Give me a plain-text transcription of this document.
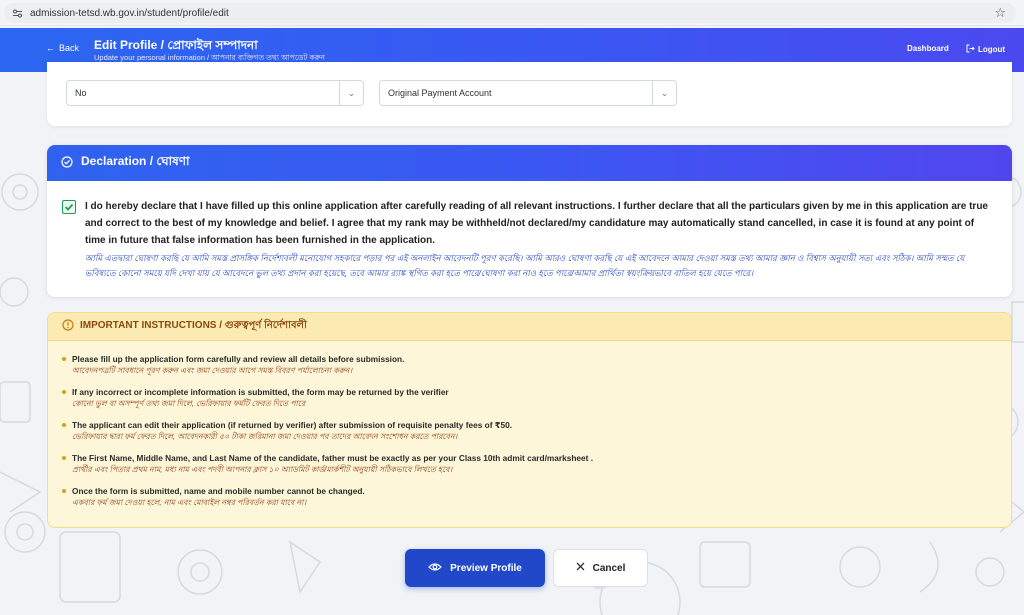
admission-tetsd.wb.gov.in/student/profile/edit	☆
← Back Edit Profile / প্রোফাইল সম্পাদনা
Update your personal information / আপনার ব্যক্তিগত তথ্য আপডেট করুন
Dashboard	Logout
No	⌄	Original Payment Account	⌄
Declaration / ঘোষণা
I do hereby declare that I have filled up this online application after carefully reading of all relevant instructions. I further declare that all the particulars given by me in this application are true and correct to the best of my knowledge and belief. I agree that my rank may be withheld/not declared/my candidature may automatically stand cancelled, in case it is found at any point of time in future that false information has been furnished in the application.
আমি এতদ্বারা ঘোষণা করছি যে আমি সমস্ত প্রাসঙ্গিক নির্দেশাবলী মনোযোগ সহকারে পড়ার পর এই অনলাইন আবেদনটি পূরণ করেছি। আমি আরও ঘোষণা করছি যে এই আবেদনে আমার দেওয়া সমস্ত তথ্য আমার জ্ঞান ও বিশ্বাস অনুযায়ী সত্য এবং সঠিক। আমি সম্মত যে ভবিষ্যতে কোনো সময়ে যদি দেখা যায় যে আবেদনে ভুল তথ্য প্রদান করা হয়েছে, তবে আমার র‍্যাঙ্ক স্থগিত করা হতে পারে/ঘোষণা করা নাও হতে পারে/আমার প্রার্থিতা স্বয়ংক্রিয়ভাবে বাতিল হয়ে যেতে পারে।
IMPORTANT INSTRUCTIONS / গুরুত্বপূর্ণ নির্দেশাবলী
Please fill up the application form carefully and review all details before submission.
আবেদনপত্রটি সাবধানে পূরণ করুন এবং জমা দেওয়ার আগে সমস্ত বিবরণ পর্যালোচনা করুন।
If any incorrect or incomplete information is submitted, the form may be returned by the verifier
কোনো ভুল বা অসম্পূর্ণ তথ্য জমা দিলে, ভেরিফায়ার ফর্মটি ফেরত দিতে পারে
The applicant can edit their application (if returned by verifier) after submission of requisite penalty fees of ₹50.
ভেরিফায়ার দ্বারা ফর্ম ফেরত দিলে, আবেদনকারী ৫০ টাকা জরিমানা জমা দেওয়ার পর তাদের আবেদন সংশোধন করতে পারবেন।
The First Name, Middle Name, and Last Name of the candidate, father must be exactly as per your Class 10th admit card/marksheet .
প্রার্থীর এবং পিতার প্রথম নাম, মধ্য নাম এবং পদবী আপনার ক্লাস ১০ অ্যাডমিট কার্ড/মার্কশীট অনুযায়ী সঠিকভাবে লিখতে হবে।
Once the form is submitted, name and mobile number cannot be changed.
একবার ফর্ম জমা দেওয়া হলে, নাম এবং মোবাইল নম্বর পরিবর্তন করা যাবে না।
Preview Profile	Cancel
